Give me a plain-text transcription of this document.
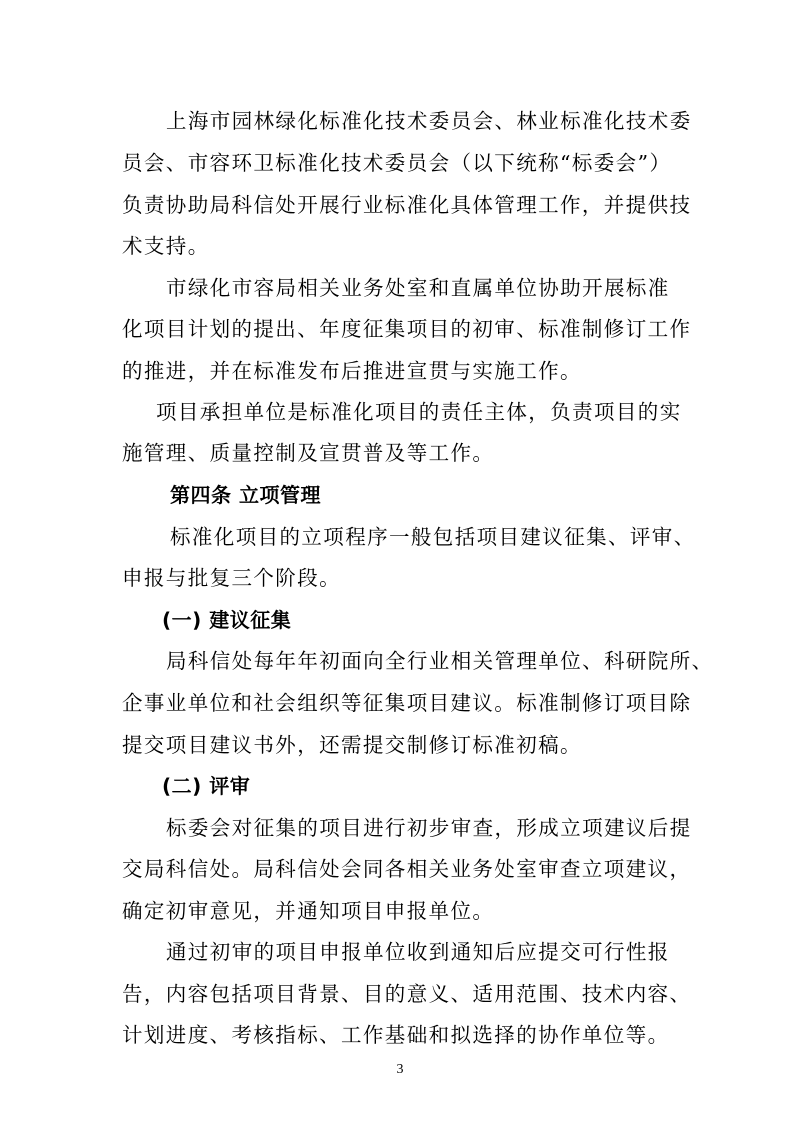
上海市园林绿化标准化技术委员会、林业标准化技术委

员会、市容环卫标准化技术委员会（以下统称“标委会”）

负责协助局科信处开展行业标准化具体管理工作，并提供技

术支持。

市绿化市容局相关业务处室和直属单位协助开展标准

化项目计划的提出、年度征集项目的初审、标准制修订工作

的推进，并在标准发布后推进宣贯与实施工作。

项目承担单位是标准化项目的责任主体，负责项目的实

施管理、质量控制及宣贯普及等工作。

第四条 立项管理

标准化项目的立项程序一般包括项目建议征集、评审、

申报与批复三个阶段。

(一) 建议征集

局科信处每年年初面向全行业相关管理单位、科研院所、

企事业单位和社会组织等征集项目建议。标准制修订项目除

提交项目建议书外，还需提交制修订标准初稿。

(二) 评审

标委会对征集的项目进行初步审查，形成立项建议后提

交局科信处。局科信处会同各相关业务处室审查立项建议，

确定初审意见，并通知项目申报单位。

通过初审的项目申报单位收到通知后应提交可行性报

告，内容包括项目背景、目的意义、适用范围、技术内容、

计划进度、考核指标、工作基础和拟选择的协作单位等。

3
